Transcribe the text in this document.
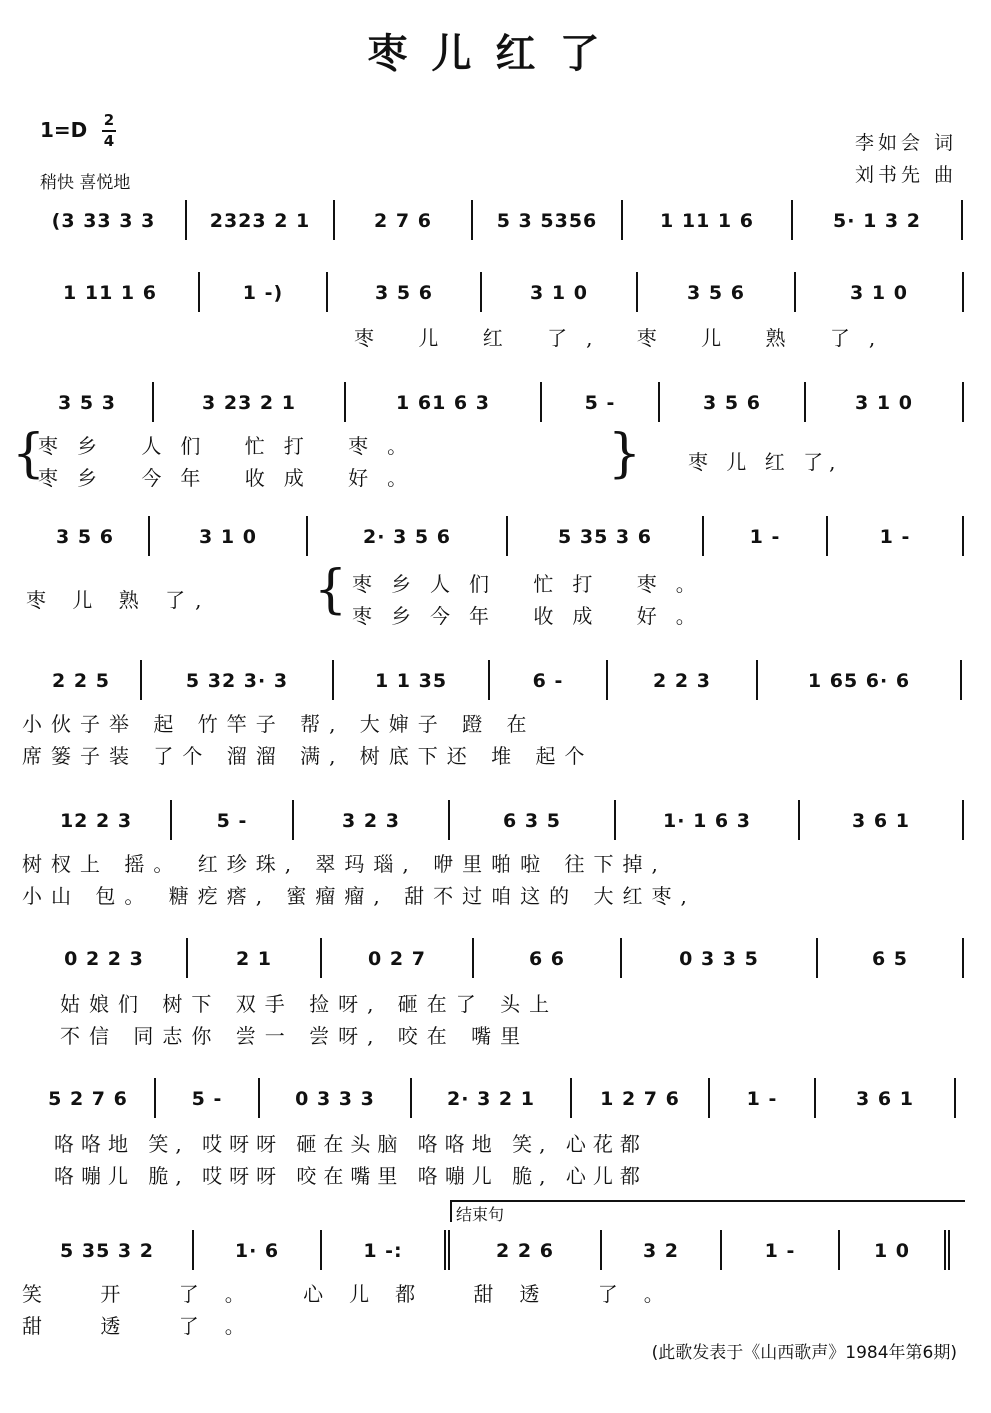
枣儿红了
1=D 2
4
稍快 喜悦地
李如会 词
刘书先 曲
(3 33 3 3	2323 2 1	2 7 6	5 3 5356	1 11 1 6	5· 1 3 2
1 11 1 6	1 -)	3 5 6	3 1 0	3 5 6	3 1 0
枣 儿 红 了, 枣 儿 熟 了,
3 5 3	3 23 2 1	1 61 6 3	5 -	3 5 6	3 1 0
{	}
枣乡 人们 忙打 枣。
枣乡 今年 收成 好。
枣 儿 红 了,
3 5 6	3 1 0	2· 3 5 6	5 35 3 6	1 -	1 -
枣 儿 熟 了, { 枣乡人们 忙打 枣。
枣乡今年 收成 好。
2 2 5	5 32 3· 3	1 1 35	6 -	2 2 3	1 65 6· 6
小伙子举 起 竹竿子 帮, 大婶子 蹬 在
席篓子装 了个 溜溜 满, 树底下还 堆 起个
12 2 3	5 -	3 2 3	6 3 5	1· 1 6 3	3 6 1
树杈上 摇。 红珍珠, 翠玛瑙, 咿里啪啦 往下掉,
小山 包。 糖疙瘩, 蜜瘤瘤, 甜不过咱这的 大红枣,
0 2 2 3	2 1	0 2 7	6 6	0 3 3 5	6 5
姑娘们 树下 双手 捡呀, 砸在了 头上
不信 同志你 尝一 尝呀, 咬在 嘴里
5 2 7 6	5 -	0 3 3 3	2· 3 2 1	1 2 7 6	1 -	3 6 1
咯咯地 笑, 哎呀呀 砸在头脑 咯咯地 笑, 心花都
咯嘣儿 脆, 哎呀呀 咬在嘴里 咯嘣儿 脆, 心儿都
结束句
5 35 3 2	1· 6	1 -:	2 2 6	3 2	1 -	1 0
笑 开 了。 心儿都 甜透 了。
甜 透 了。
(此歌发表于《山西歌声》1984年第6期)
